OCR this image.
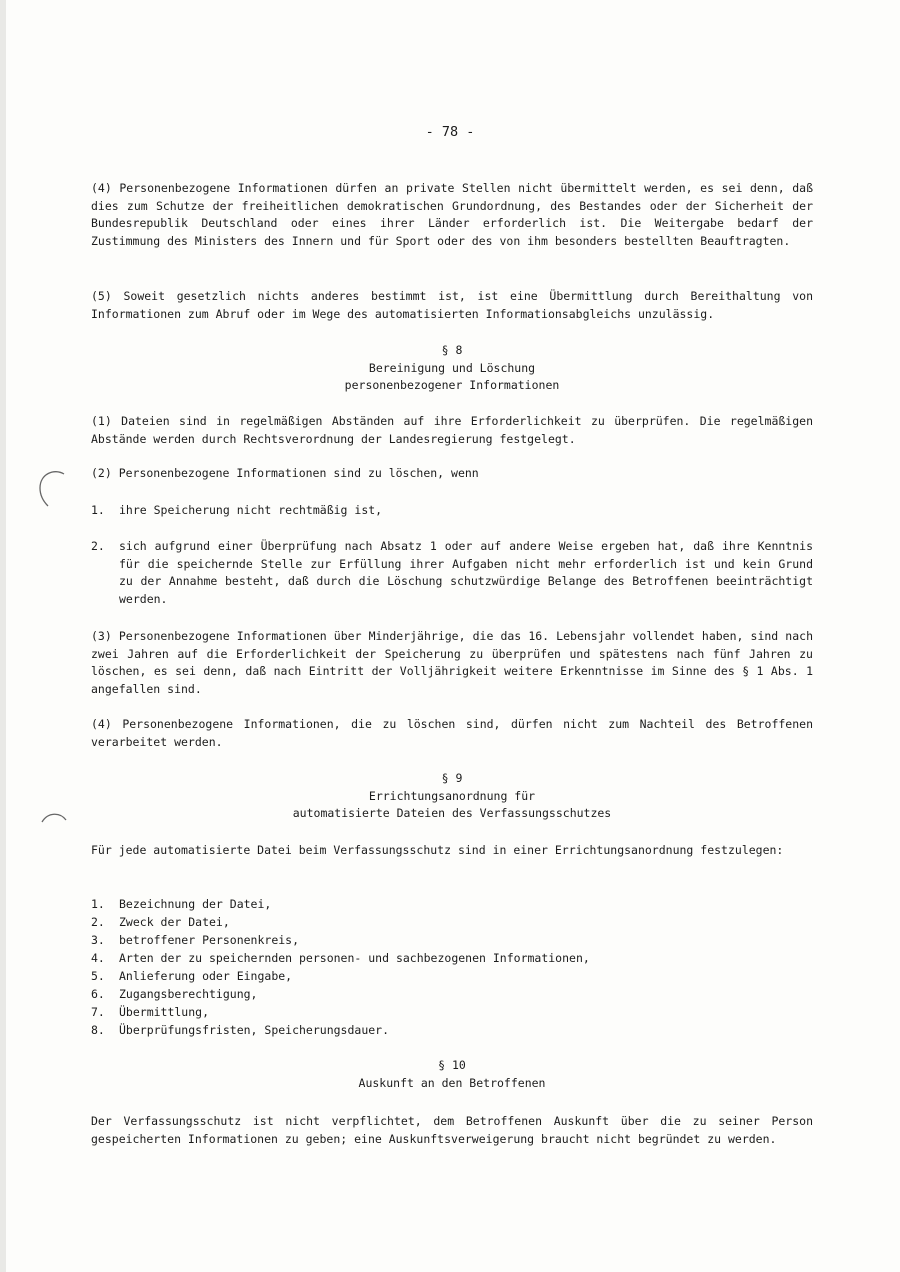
- 78 -
(4) Personenbezogene Informationen dürfen an private Stellen nicht übermittelt werden, es sei denn, daß dies zum Schutze der freiheitlichen demokratischen Grundordnung, des Bestandes oder der Sicherheit der Bundesrepublik Deutschland oder eines ihrer Länder erforderlich ist. Die Weitergabe bedarf der Zustimmung des Ministers des Innern und für Sport oder des von ihm besonders bestellten Beauftragten.
(5) Soweit gesetzlich nichts anderes bestimmt ist, ist eine Übermittlung durch Bereithaltung von Informationen zum Abruf oder im Wege des automatisierten Informationsabgleichs unzulässig.
§ 8
Bereinigung und Löschung
personenbezogener Informationen
(1) Dateien sind in regelmäßigen Abständen auf ihre Erforderlichkeit zu überprüfen. Die regelmäßigen Abstände werden durch Rechtsverordnung der Landesregierung festgelegt.
(2) Personenbezogene Informationen sind zu löschen, wenn
1.	ihre Speicherung nicht rechtmäßig ist,
2.	sich aufgrund einer Überprüfung nach Absatz 1 oder auf andere Weise ergeben hat, daß ihre Kenntnis für die speichernde Stelle zur Erfüllung ihrer Aufgaben nicht mehr erforderlich ist und kein Grund zu der Annahme besteht, daß durch die Löschung schutzwürdige Belange des Betroffenen beeinträchtigt werden.
(3) Personenbezogene Informationen über Minderjährige, die das 16. Lebensjahr vollendet haben, sind nach zwei Jahren auf die Erforderlichkeit der Speicherung zu überprüfen und spätestens nach fünf Jahren zu löschen, es sei denn, daß nach Eintritt der Volljährigkeit weitere Erkenntnisse im Sinne des § 1 Abs. 1 angefallen sind.
(4) Personenbezogene Informationen, die zu löschen sind, dürfen nicht zum Nachteil des Betroffenen verarbeitet werden.
§ 9
Errichtungsanordnung für
automatisierte Dateien des Verfassungsschutzes
Für jede automatisierte Datei beim Verfassungsschutz sind in einer Errichtungsanordnung festzulegen:
1.	Bezeichnung der Datei,
2.	Zweck der Datei,
3.	betroffener Personenkreis,
4.	Arten der zu speichernden personen- und sachbezogenen Informationen,
5.	Anlieferung oder Eingabe,
6.	Zugangsberechtigung,
7.	Übermittlung,
8.	Überprüfungsfristen, Speicherungsdauer.
§ 10
Auskunft an den Betroffenen
Der Verfassungsschutz ist nicht verpflichtet, dem Betroffenen Auskunft über die zu seiner Person gespeicherten Informationen zu geben; eine Auskunftsverweigerung braucht nicht begründet zu werden.
